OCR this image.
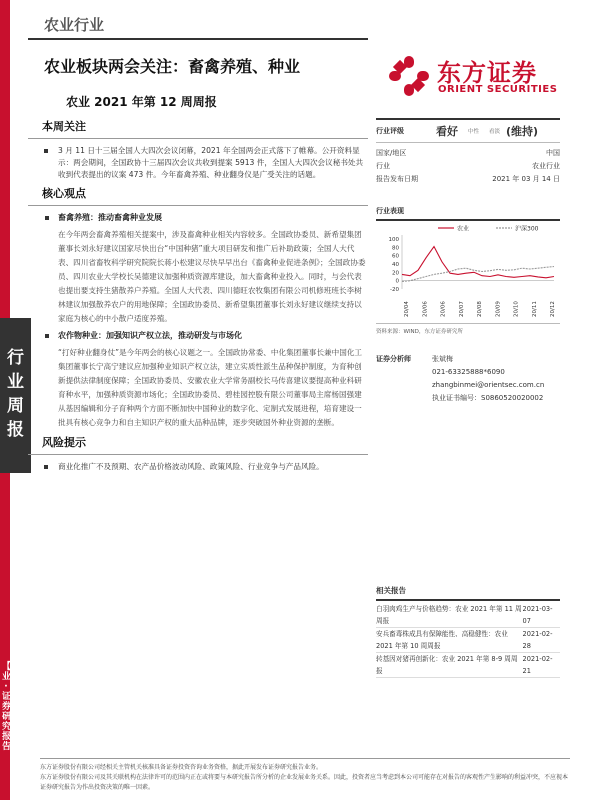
行业周报
【行业·证券研究报告】
农业行业
农业板块两会关注：畜禽养殖、种业
农业 2021 年第 12 周周报
东方证券
ORIENT SECURITIES
本周关注
3 月 11 日十三届全国人大四次会议闭幕，2021 年全国两会正式落下了帷幕。公开资料显示：两会期间，全国政协十三届四次会议共收到提案 5913 件，全国人大四次会议秘书处共收到代表提出的议案 473 件。今年畜禽养殖、种业翻身仪是广受关注的话题。
核心观点
畜禽养殖：推动畜禽种业发展
在今年两会畜禽养殖相关提案中，涉及畜禽种业相关内容较多。全国政协委员、新希望集团董事长刘永好建议国家尽快出台“中国种猪”重大项目研发和推广后补助政策；全国人大代表、四川省畜牧科学研究院院长蒋小松建议尽快早早出台《畜禽种业促进条例》；全国政协委员、四川农业大学校长吴德建议加强种质资源库建设，加大畜禽种业投入。同时，与会代表也提出要支持生猪散养户养殖。全国人大代表、四川德旺农牧集团有限公司机修班班长李树林建议加强散养农户的用地保障；全国政协委员、新希望集团董事长刘永好建议继续支持以家庭为核心的中小散户适度养殖。
农作物种业：加强知识产权立法，推动研发与市场化
“打好种业翻身仗”是今年两会的核心议题之一。全国政协常委、中化集团董事长兼中国化工集团董事长宁高宁建议应加强种业知识产权立法，建立实质性派生品种保护制度，为育种创新提供法律制度保障；全国政协委员、安徽农业大学常务副校长马传喜建议要提高种业科研育种水平，加强种质资源市场化；全国政协委员、碧桂园控股有限公司董事局主席杨国强建从基因编辑和分子育种两个方面不断加快中国种业的数字化、定制式发展进程，培育建设一批具有核心竞争力和自主知识产权的重大品种品牌，逐步突破国外种业资源的垄断。
风险提示
商业化推广不及预期、农产品价格波动风险、政策风险、行业竞争与产品风险。
行业评级	看好 中性 看淡 (维持)
国家/地区	中国
行业	农业行业
报告发布日期	2021 年 03 月 14 日
行业表现
农业	沪深300
100
80
60
40
20
0
-20
20/04 20/06 20/06 20/07 20/08 20/09 20/10 20/11 20/12
资料来源：WIND，东方证券研究所
证券分析师	张斌梅
021-63325888*6090
zhangbinmei@orientsec.com.cn
执业证书编号：S0860520020002
相关报告
白羽肉鸡生产与价格趋势：农业 2021 年第 11 周周报
2021-03-07
安兵畜毒株成具有保障能性、高稳健性：农业 2021 年第 10 周周报
2021-02-28
转基因对猪再创新化：农业 2021 年第 8-9 周周报
2021-02-21
东方证券股份有限公司经相关主管机关核准具备证券投资咨询业务资格，据此开展发布证券研究报告业务。
东方证券股份有限公司及其关联机构在法律许可的范围内正在或将要与本研究报告所分析的企业发展业务关系。因此，投资者应当考虑到本公司可能存在对报告的客观性产生影响的利益冲突，不应视本证券研究报告为作出投资决策的唯一因素。
